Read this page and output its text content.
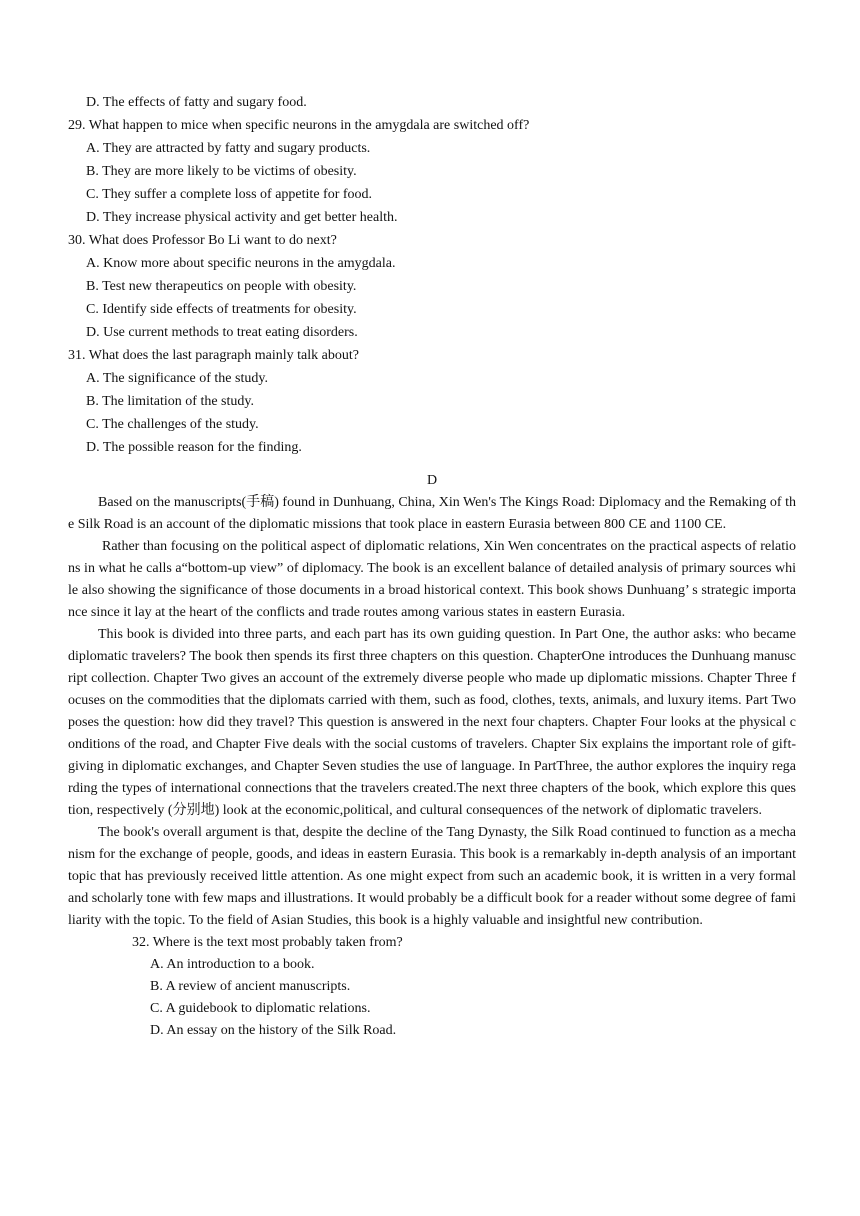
D. The effects of fatty and sugary food.
29. What happen to mice when specific neurons in the amygdala are switched off?
A. They are attracted by fatty and sugary products.
B. They are more likely to be victims of obesity.
C. They suffer a complete loss of appetite for food.
D. They increase physical activity and get better health.
30. What does Professor Bo Li want to do next?
A. Know more about specific neurons in the amygdala.
B. Test new therapeutics on people with obesity.
C. Identify side effects of treatments for obesity.
D. Use current methods to treat eating disorders.
31. What does the last paragraph mainly talk about?
A. The significance of the study.
B. The limitation of the study.
C. The challenges of the study.
D. The possible reason for the finding.
D

Based on the manuscripts(手稿) found in Dunhuang, China, Xin Wen's The Kings Road: Diplomacy and the Remaking of the Silk Road is an account of the diplomatic missions that took place in eastern Eurasia between 800 CE and 1100 CE.

Rather than focusing on the political aspect of diplomatic relations, Xin Wen concentrates on the practical aspects of relations in what he calls a“bottom-up view” of diplomacy. The book is an excellent balance of detailed analysis of primary sources while also showing the significance of those documents in a broad historical context. This book shows Dunhuang’ s strategic importance since it lay at the heart of the conflicts and trade routes among various states in eastern Eurasia.

This book is divided into three parts, and each part has its own guiding question. In Part One, the author asks: who became diplomatic travelers? The book then spends its first three chapters on this question. ChapterOne introduces the Dunhuang manuscript collection. Chapter Two gives an account of the extremely diverse people who made up diplomatic missions. Chapter Three focuses on the commodities that the diplomats carried with them, such as food, clothes, texts, animals, and luxury items. Part Two poses the question: how did they travel? This question is answered in the next four chapters. Chapter Four looks at the physical conditions of the road, and Chapter Five deals with the social customs of travelers. Chapter Six explains the important role of gift-giving in diplomatic exchanges, and Chapter Seven studies the use of language. In PartThree, the author explores the inquiry regarding the types of international connections that the travelers created.The next three chapters of the book, which explore this question, respectively (分别地) look at the economic,political, and cultural consequences of the network of diplomatic travelers.

The book's overall argument is that, despite the decline of the Tang Dynasty, the Silk Road continued to function as a mechanism for the exchange of people, goods, and ideas in eastern Eurasia. This book is a remarkably in-depth analysis of an important topic that has previously received little attention. As one might expect from such an academic book, it is written in a very formal and scholarly tone with few maps and illustrations. It would probably be a difficult book for a reader without some degree of familiarity with the topic. To the field of Asian Studies, this book is a highly valuable and insightful new contribution.

32. Where is the text most probably taken from?
A. An introduction to a book.
B. A review of ancient manuscripts.
C. A guidebook to diplomatic relations.
D. An essay on the history of the Silk Road.
